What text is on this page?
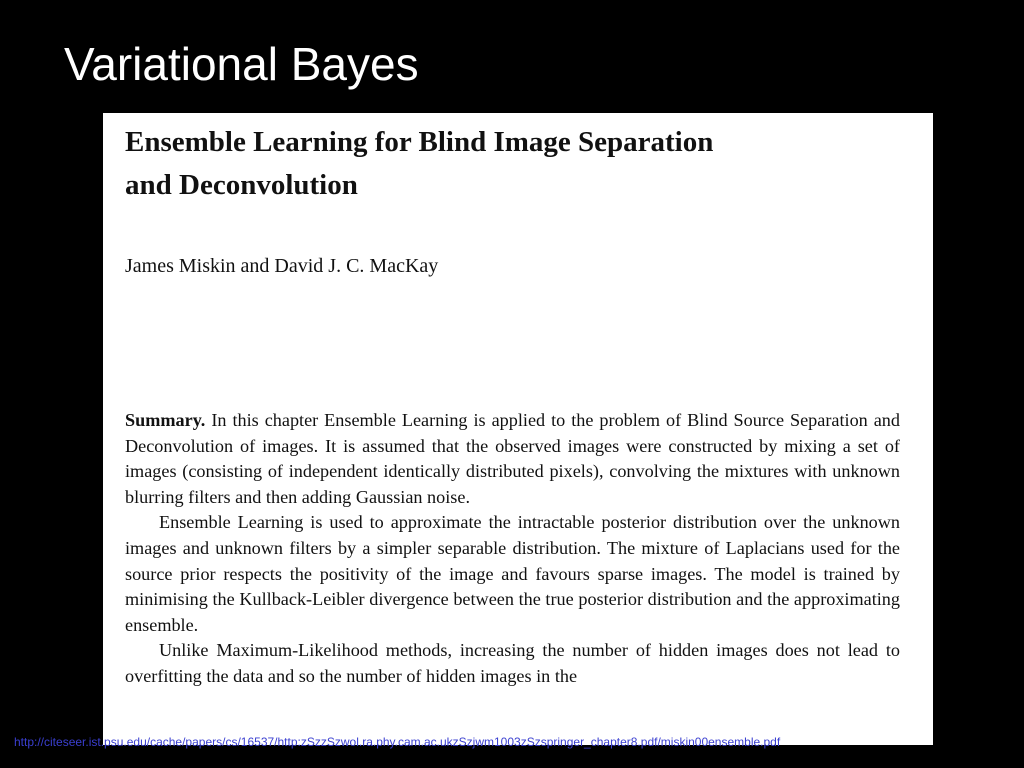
Variational Bayes
Ensemble Learning for Blind Image Separation
and Deconvolution

James Miskin and David J. C. MacKay

Summary. In this chapter Ensemble Learning is applied to the problem of Blind Source Separation and Deconvolution of images. It is assumed that the observed images were constructed by mixing a set of images (consisting of independent identically distributed pixels), convolving the mixtures with unknown blurring filters and then adding Gaussian noise.

Ensemble Learning is used to approximate the intractable posterior distribution over the unknown images and unknown filters by a simpler separable distribution. The mixture of Laplacians used for the source prior respects the positivity of the image and favours sparse images. The model is trained by minimising the Kullback-Leibler divergence between the true posterior distribution and the approximating ensemble.

Unlike Maximum-Likelihood methods, increasing the number of hidden images does not lead to overfitting the data and so the number of hidden images in the

http://citeseer.ist.psu.edu/cache/papers/cs/16537/http:zSzzSzwol.ra.phy.cam.ac.ukzSzjwm1003zSzspringer_chapter8.pdf/miskin00ensemble.pdf
